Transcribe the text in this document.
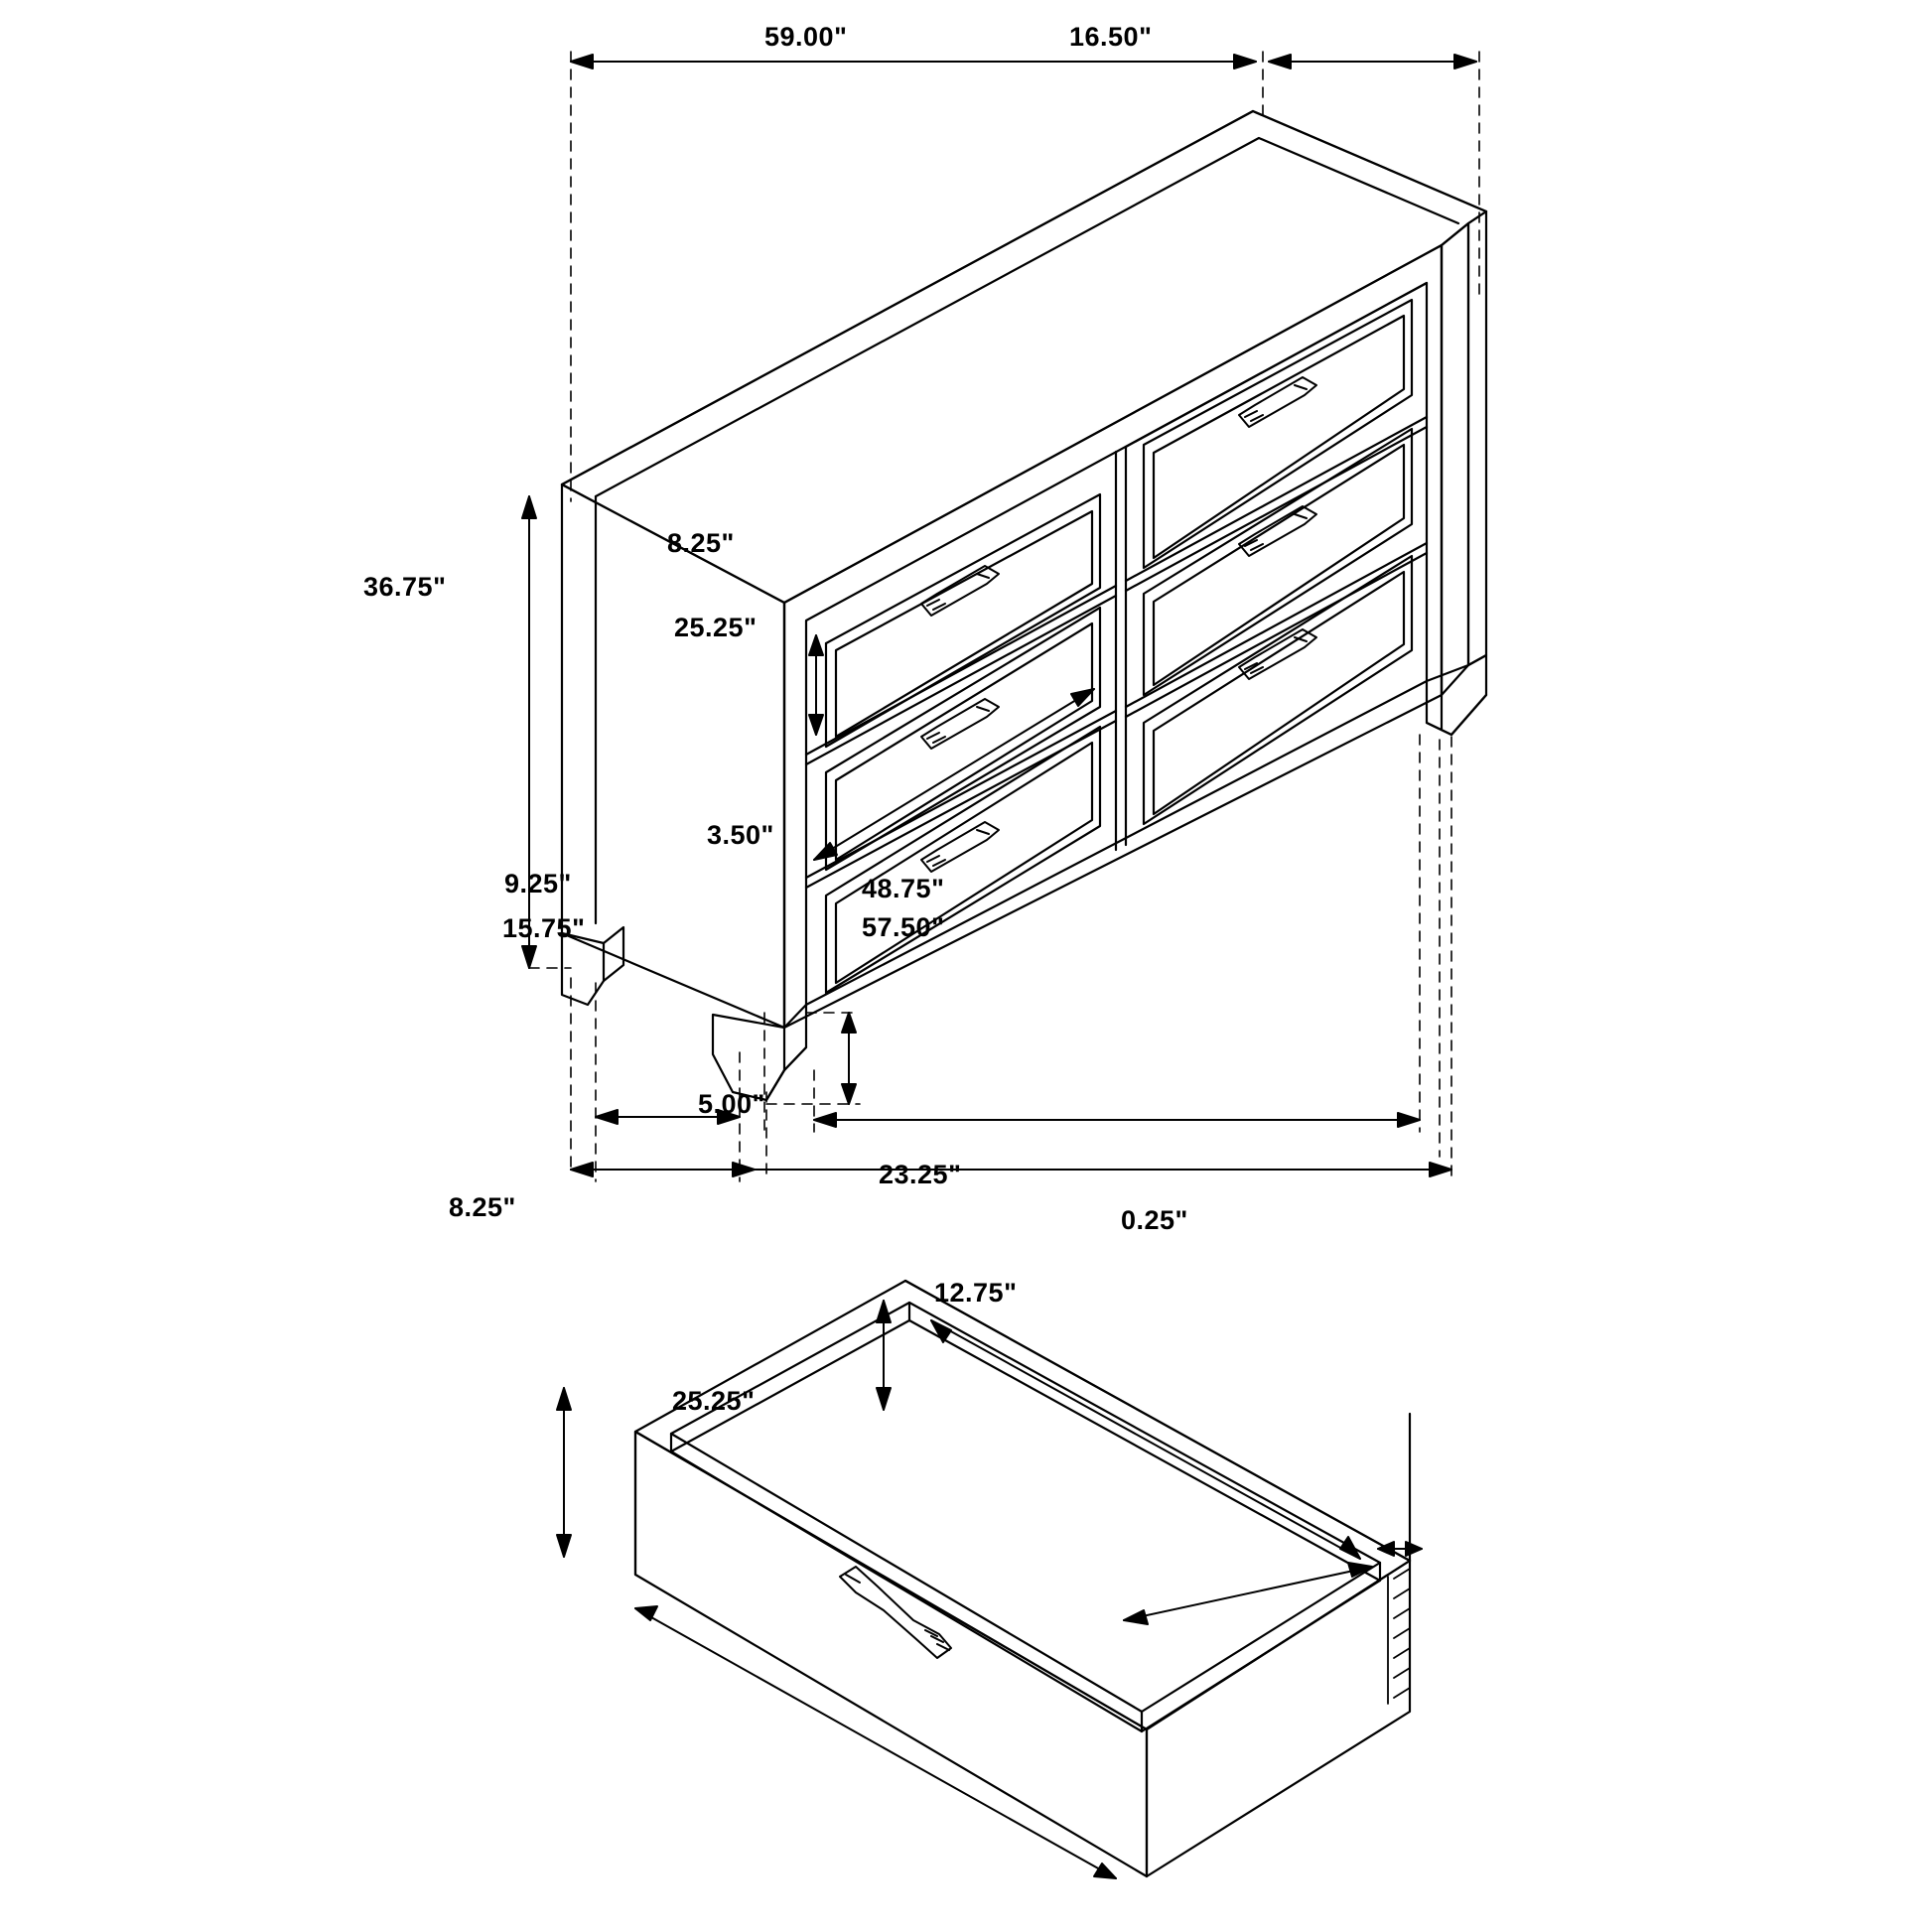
59.00"	16.50"
36.75"
8.25"
25.25"
3.50"
9.25"
15.75"
48.75"
57.50"
5.00"
8.25"
23.25"
0.25"
12.75"
25.25"
